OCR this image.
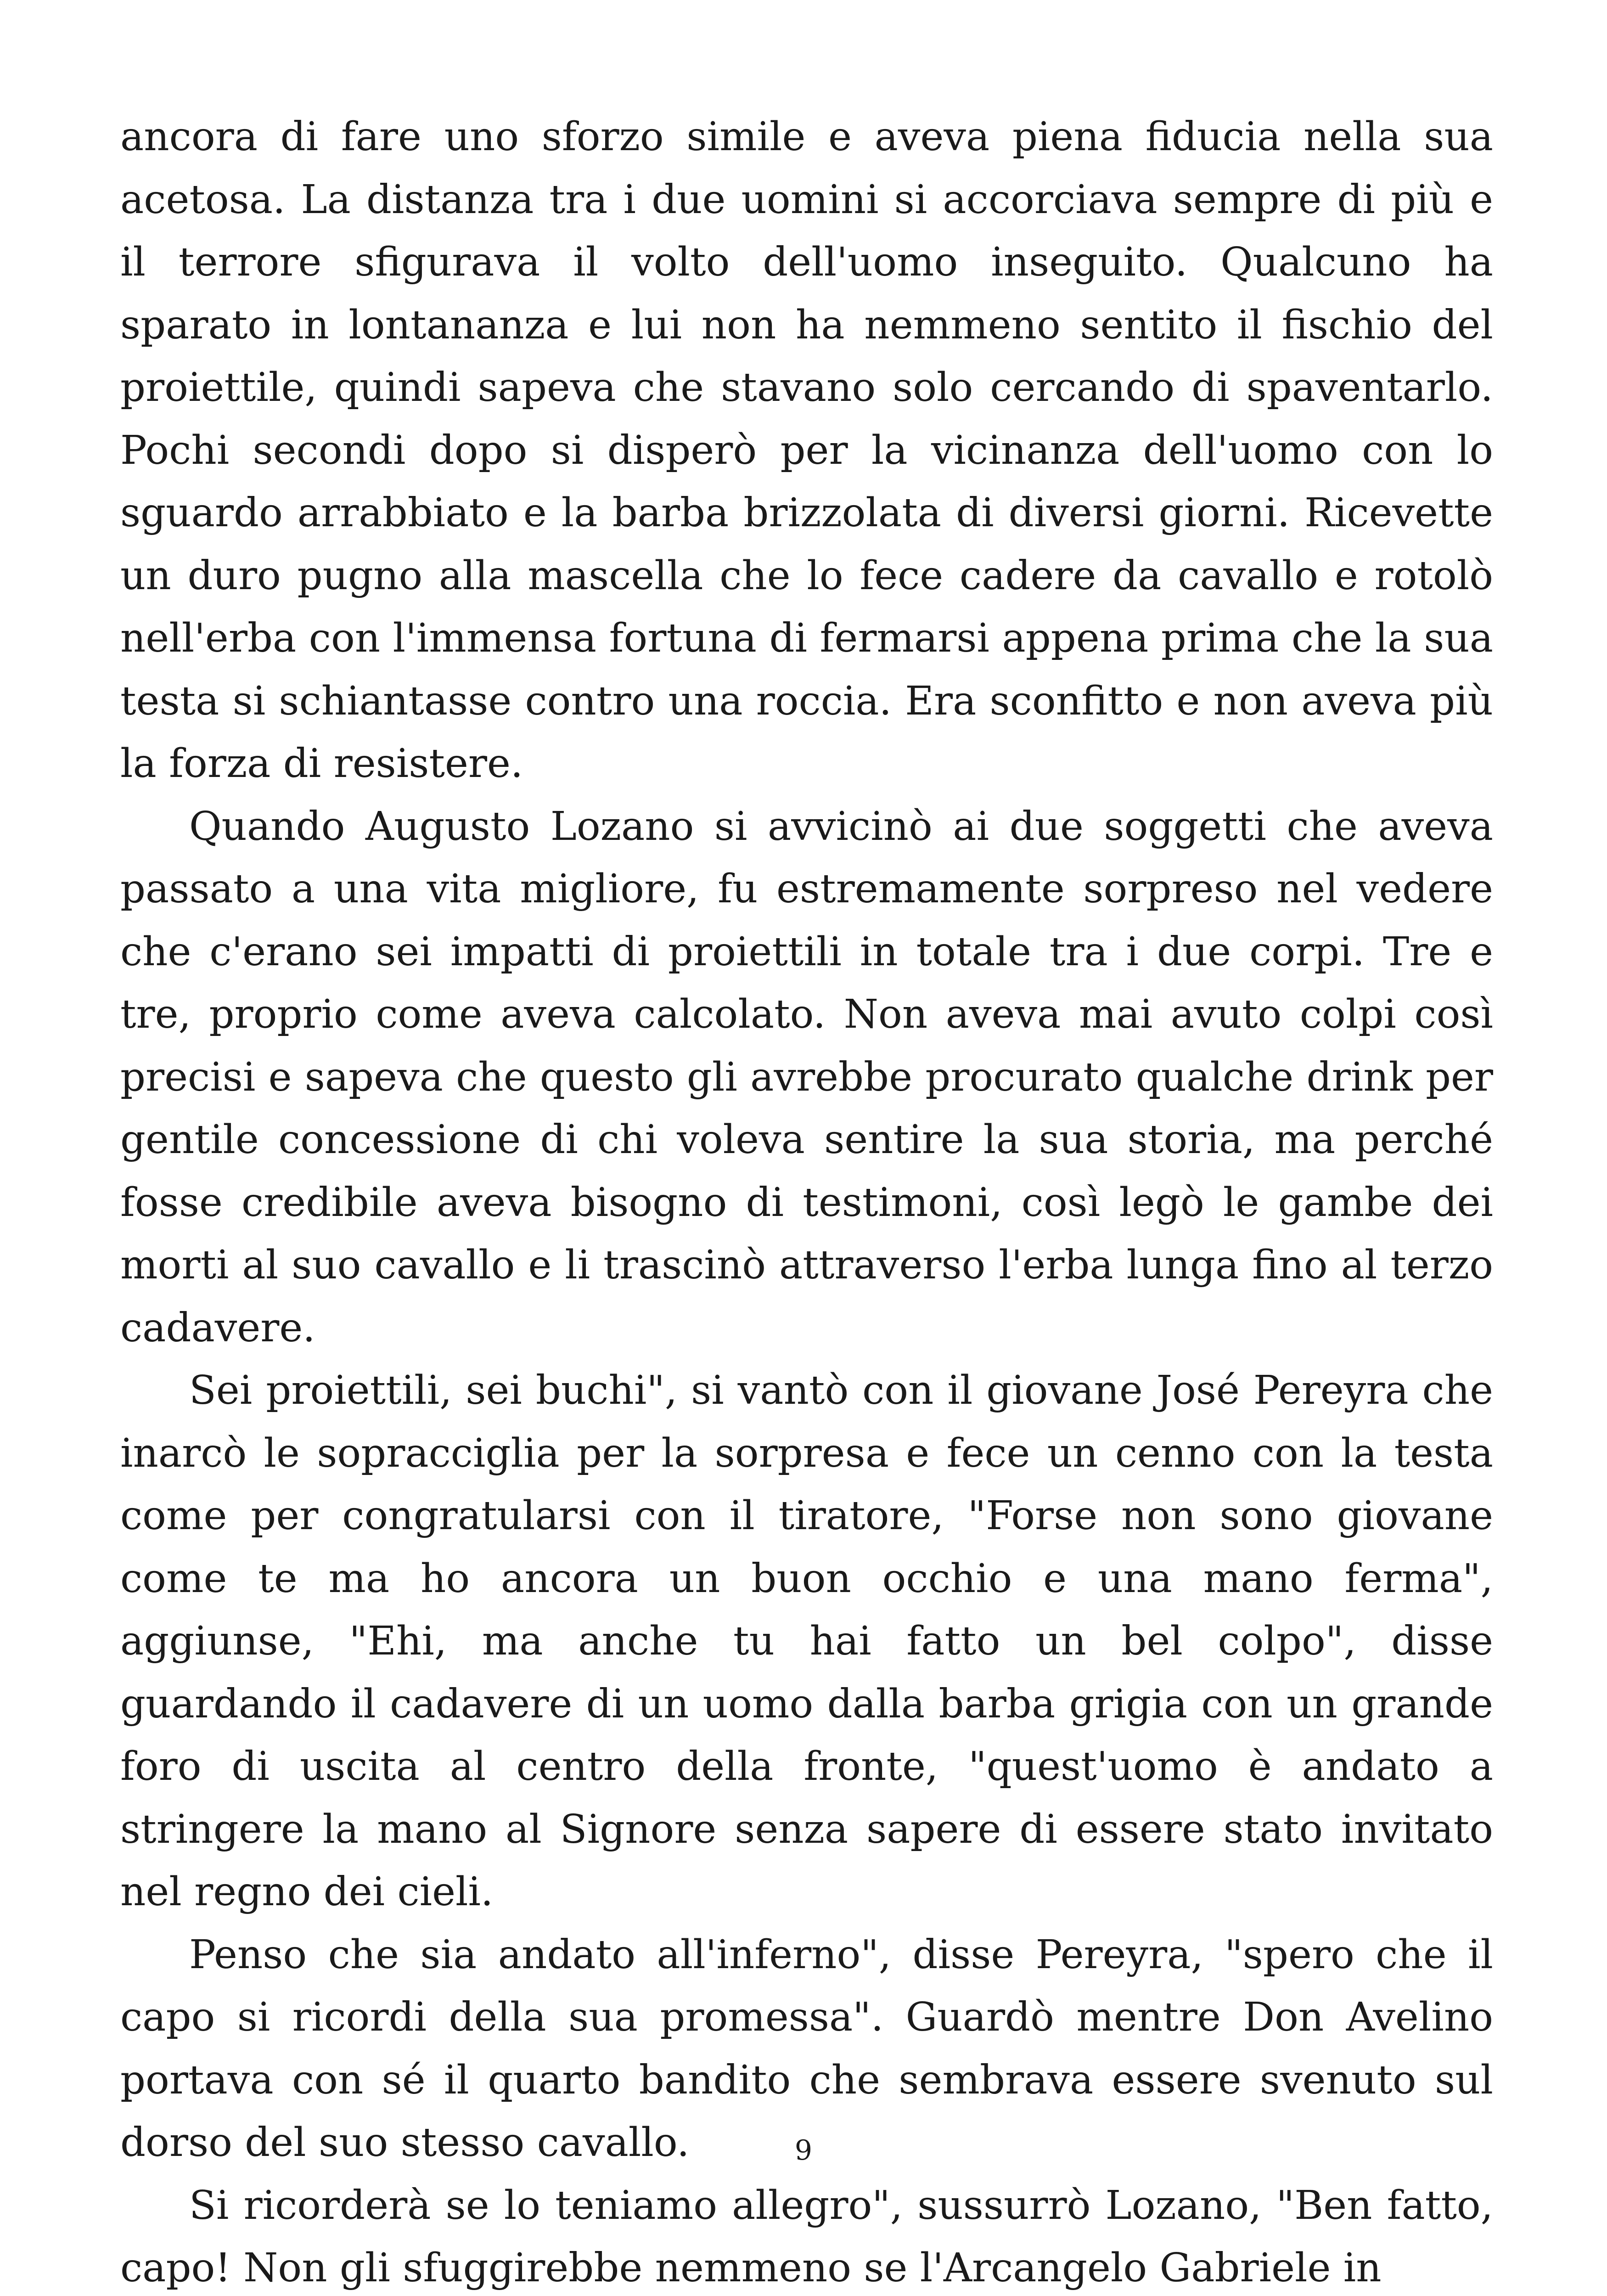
ancora di fare uno sforzo simile e aveva piena fiducia nella sua acetosa. La distanza tra i due uomini si accorciava sempre di più e il terrore sfigurava il volto dell'uomo inseguito. Qualcuno ha sparato in lontananza e lui non ha nemmeno sentito il fischio del proiettile, quindi sapeva che stavano solo cercando di spaventarlo. Pochi secondi dopo si disperò per la vicinanza dell'uomo con lo sguardo arrabbiato e la barba brizzolata di diversi giorni. Ricevette un duro pugno alla mascella che lo fece cadere da cavallo e rotolò nell'erba con l'immensa fortuna di fermarsi appena prima che la sua testa si schiantasse contro una roccia. Era sconfitto e non aveva più la forza di resistere.

Quando Augusto Lozano si avvicinò ai due soggetti che aveva passato a una vita migliore, fu estremamente sorpreso nel vedere che c'erano sei impatti di proiettili in totale tra i due corpi. Tre e tre, proprio come aveva calcolato. Non aveva mai avuto colpi così precisi e sapeva che questo gli avrebbe procurato qualche drink per gentile concessione di chi voleva sentire la sua storia, ma perché fosse credibile aveva bisogno di testimoni, così legò le gambe dei morti al suo cavallo e li trascinò attraverso l'erba lunga fino al terzo cadavere.

Sei proiettili, sei buchi", si vantò con il giovane José Pereyra che inarcò le sopracciglia per la sorpresa e fece un cenno con la testa come per congratularsi con il tiratore, "Forse non sono giovane come te ma ho ancora un buon occhio e una mano ferma", aggiunse, "Ehi, ma anche tu hai fatto un bel colpo", disse guardando il cadavere di un uomo dalla barba grigia con un grande foro di uscita al centro della fronte, "quest'uomo è andato a stringere la mano al Signore senza sapere di essere stato invitato nel regno dei cieli.

Penso che sia andato all'inferno", disse Pereyra, "spero che il capo si ricordi della sua promessa". Guardò mentre Don Avelino portava con sé il quarto bandito che sembrava essere svenuto sul dorso del suo stesso cavallo.

Si ricorderà se lo teniamo allegro", sussurrò Lozano, "Ben fatto, capo! Non gli sfuggirebbe nemmeno se l'Arcangelo Gabriele in

9
